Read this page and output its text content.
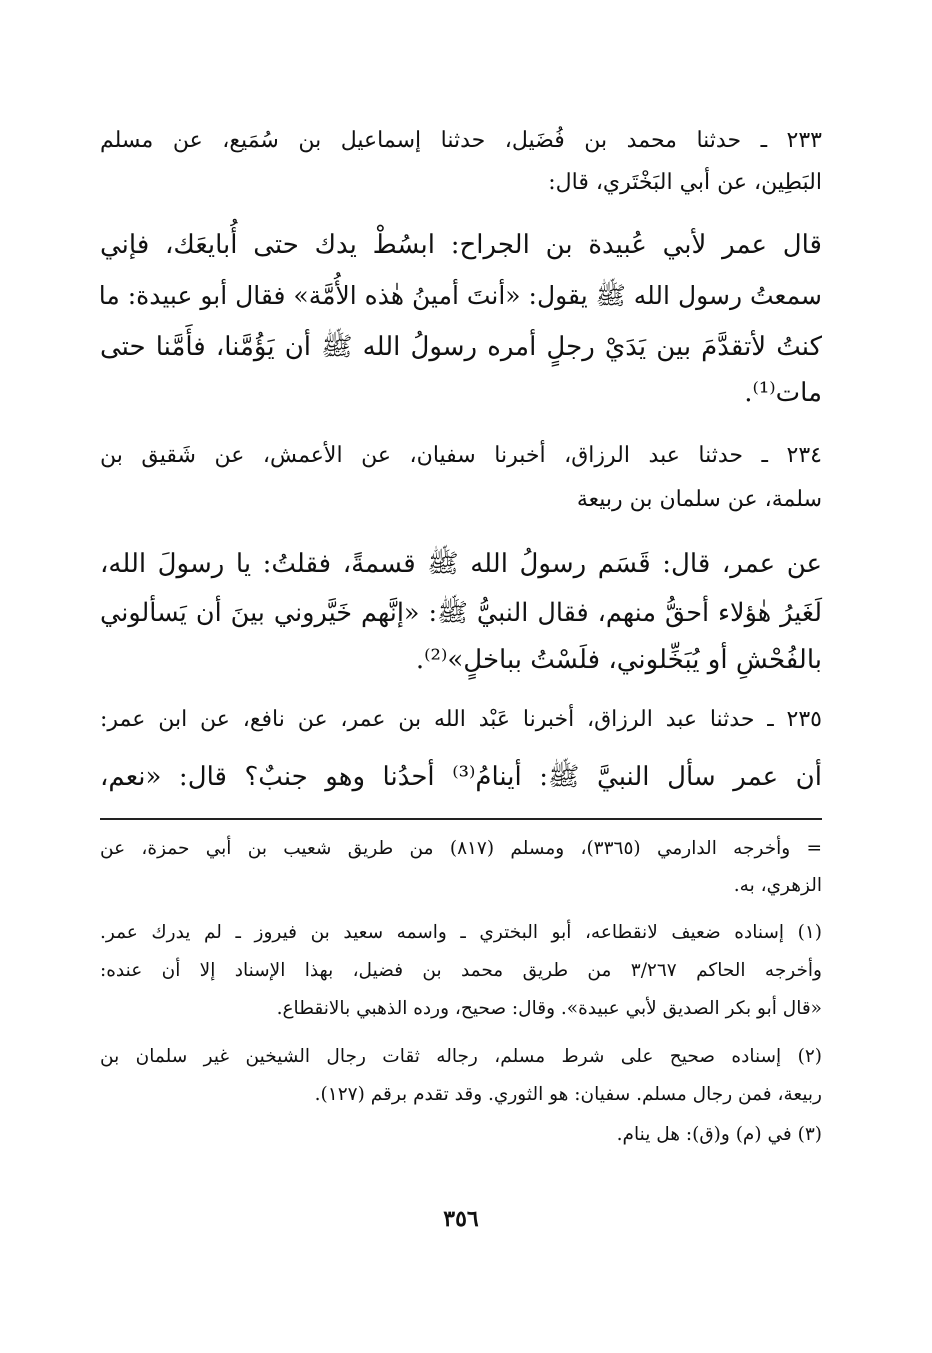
٢٣٣ ـ حدثنا محمد بن فُضَيل، حدثنا إسماعيل بن سُمَيع، عن مسلم
البَطِين، عن أبي البَخْتَري، قال:
قال عمر لأبي عُبيدة بن الجراح: ابسُطْ يدك حتى أُبايعَك، فإني
سمعتُ رسول الله ﷺ يقول: «أنتَ أمينُ هٰذه الأُمَّة» فقال أبو عبيدة: ما
كنتُ لأتقدَّمَ بين يَدَيْ رجلٍ أمره رسولُ الله ﷺ أن يَؤُمَّنا، فأَمَّنا حتى
مات⁽¹⁾.
٢٣٤ ـ حدثنا عبد الرزاق، أخبرنا سفيان، عن الأعمش، عن شَقيق بن
سلمة، عن سلمان بن ربيعة
عن عمر، قال: قَسَم رسولُ الله ﷺ قسمةً، فقلتُ: يا رسولَ الله،
لَغَيرُ هٰؤلاء أحقُّ منهم، فقال النبيُّ ﷺ: «إنَّهم خَيَّروني بينَ أن يَسألوني
بالفُحْشِ أو يُبَخِّلوني، فلَسْتُ بباخلٍ»⁽²⁾.
٢٣٥ ـ حدثنا عبد الرزاق، أخبرنا عَبْد الله بن عمر، عن نافع، عن ابن عمر:
أن عمر سأل النبيَّ ﷺ: أينامُ⁽³⁾ أحدُنا وهو جنبٌ؟ قال: «نعم،
= وأخرجه الدارمي (٣٣٦٥)، ومسلم (٨١٧) من طريق شعيب بن أبي حمزة، عن
الزهري، به.
(١) إسناده ضعيف لانقطاعه، أبو البختري ـ واسمه سعيد بن فيروز ـ لم يدرك عمر.
وأخرجه الحاكم ٣/٢٦٧ من طريق محمد بن فضيل، بهذا الإسناد إلا أن عنده:
«قال أبو بكر الصديق لأبي عبيدة». وقال: صحيح، ورده الذهبي بالانقطاع.
(٢) إسناده صحيح على شرط مسلم، رجاله ثقات رجال الشيخين غير سلمان بن
ربيعة، فمن رجال مسلم. سفيان: هو الثوري. وقد تقدم برقم (١٢٧).
(٣) في (م) و(ق): هل ينام.
٣٥٦
